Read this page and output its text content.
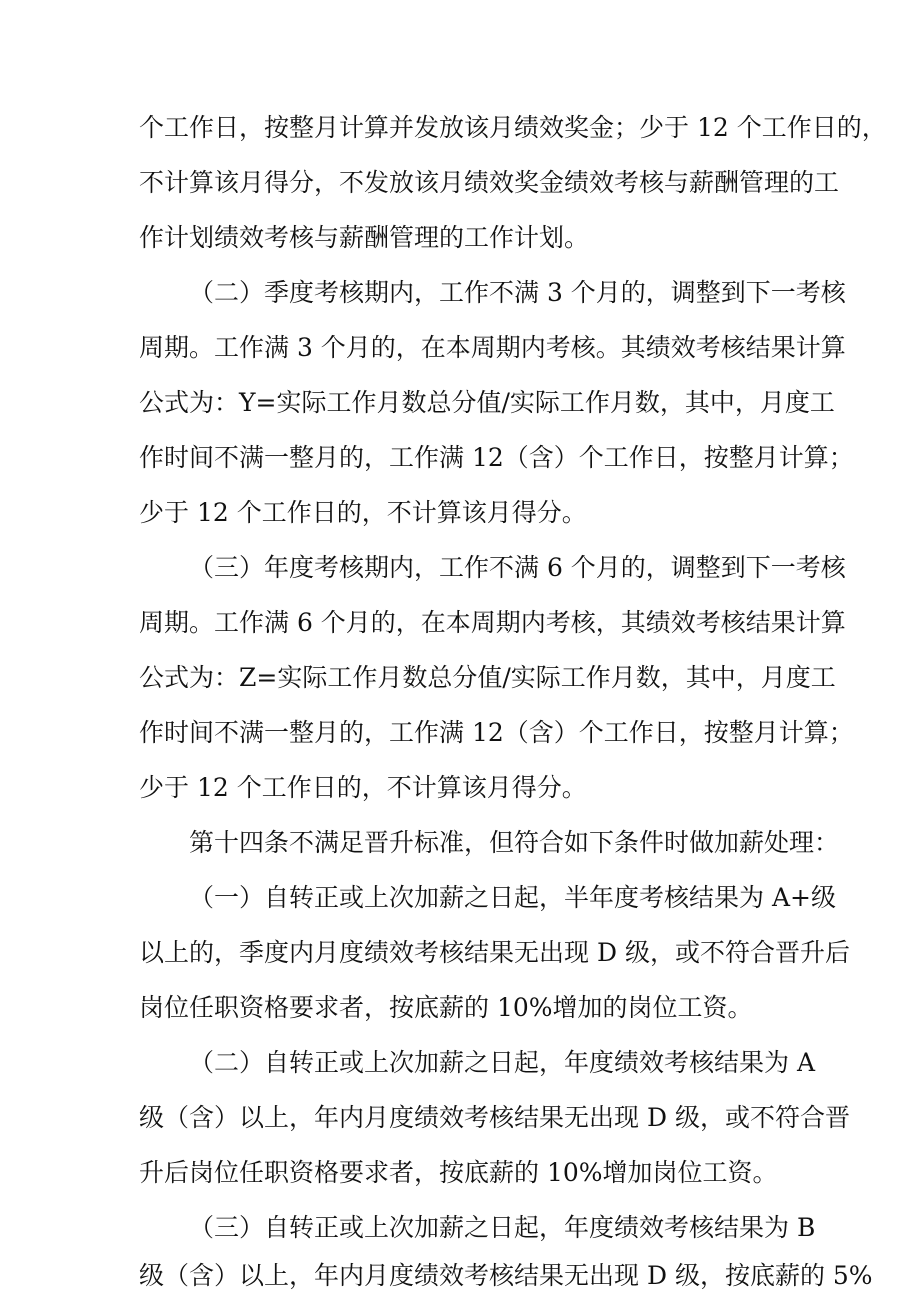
个工作日，按整月计算并发放该月绩效奖金；少于 12 个工作日的，
不计算该月得分，不发放该月绩效奖金绩效考核与薪酬管理的工
作计划绩效考核与薪酬管理的工作计划。
（二）季度考核期内，工作不满 3 个月的，调整到下一考核
周期。工作满 3 个月的，在本周期内考核。其绩效考核结果计算
公式为：Y=实际工作月数总分值/实际工作月数，其中，月度工
作时间不满一整月的，工作满 12（含）个工作日，按整月计算；
少于 12 个工作日的，不计算该月得分。
（三）年度考核期内，工作不满 6 个月的，调整到下一考核
周期。工作满 6 个月的，在本周期内考核，其绩效考核结果计算
公式为：Z=实际工作月数总分值/实际工作月数，其中，月度工
作时间不满一整月的，工作满 12（含）个工作日，按整月计算；
少于 12 个工作日的，不计算该月得分。
第十四条不满足晋升标准，但符合如下条件时做加薪处理：
（一）自转正或上次加薪之日起，半年度考核结果为 A+级
以上的，季度内月度绩效考核结果无出现 D 级，或不符合晋升后
岗位任职资格要求者，按底薪的 10%增加的岗位工资。
（二）自转正或上次加薪之日起，年度绩效考核结果为 A
级（含）以上，年内月度绩效考核结果无出现 D 级，或不符合晋
升后岗位任职资格要求者，按底薪的 10%增加岗位工资。
（三）自转正或上次加薪之日起，年度绩效考核结果为 B
级（含）以上，年内月度绩效考核结果无出现 D 级，按底薪的 5%
